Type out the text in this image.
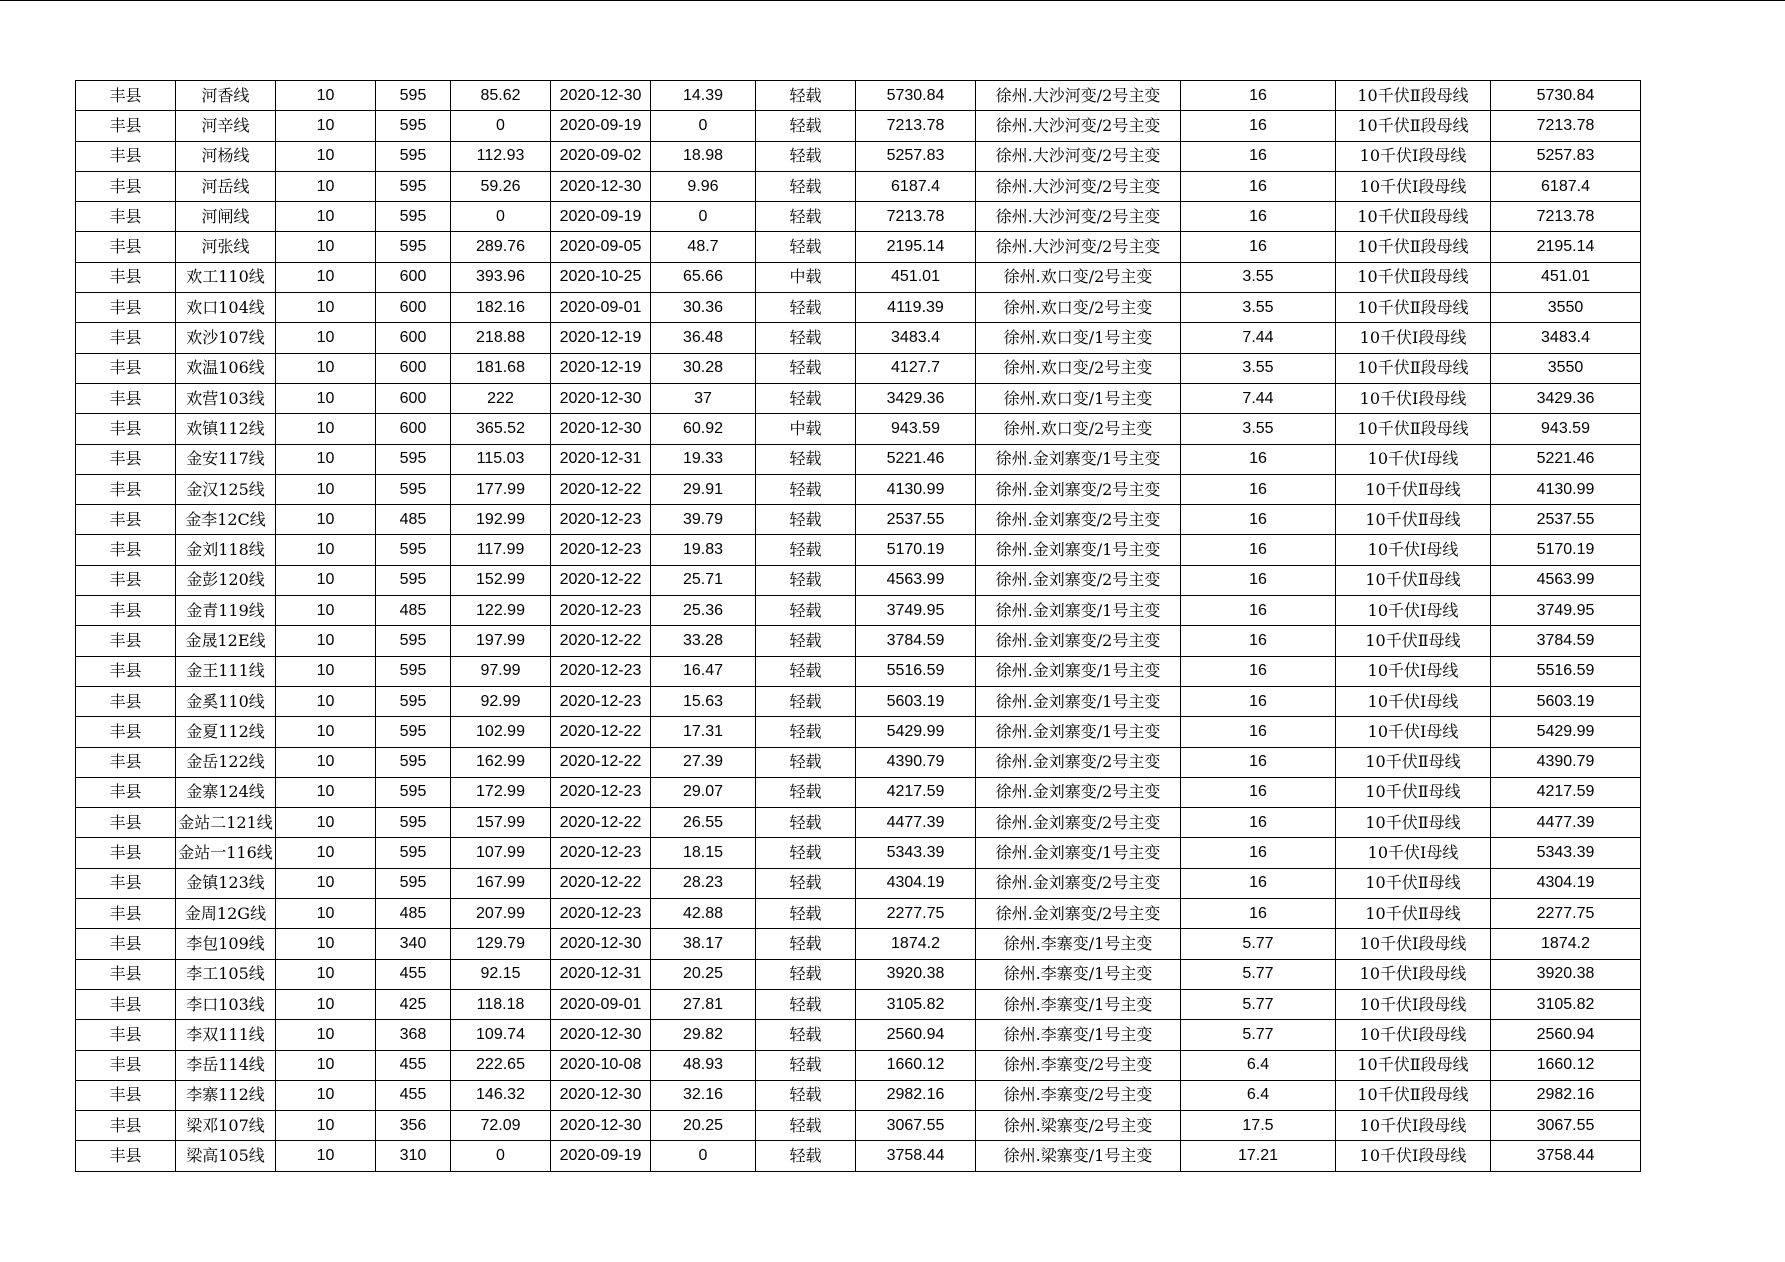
丰县	河香线	10	595	85.62	2020-12-30	14.39	轻载	5730.84	徐州.大沙河变/2号主变	16	10千伏Ⅱ段母线	5730.84
丰县	河辛线	10	595	0	2020-09-19	0	轻载	7213.78	徐州.大沙河变/2号主变	16	10千伏Ⅱ段母线	7213.78
丰县	河杨线	10	595	112.93	2020-09-02	18.98	轻载	5257.83	徐州.大沙河变/2号主变	16	10千伏Ⅰ段母线	5257.83
丰县	河岳线	10	595	59.26	2020-12-30	9.96	轻载	6187.4	徐州.大沙河变/2号主变	16	10千伏Ⅰ段母线	6187.4
丰县	河闸线	10	595	0	2020-09-19	0	轻载	7213.78	徐州.大沙河变/2号主变	16	10千伏Ⅱ段母线	7213.78
丰县	河张线	10	595	289.76	2020-09-05	48.7	轻载	2195.14	徐州.大沙河变/2号主变	16	10千伏Ⅱ段母线	2195.14
丰县	欢工110线	10	600	393.96	2020-10-25	65.66	中载	451.01	徐州.欢口变/2号主变	3.55	10千伏Ⅱ段母线	451.01
丰县	欢口104线	10	600	182.16	2020-09-01	30.36	轻载	4119.39	徐州.欢口变/2号主变	3.55	10千伏Ⅱ段母线	3550
丰县	欢沙107线	10	600	218.88	2020-12-19	36.48	轻载	3483.4	徐州.欢口变/1号主变	7.44	10千伏Ⅰ段母线	3483.4
丰县	欢温106线	10	600	181.68	2020-12-19	30.28	轻载	4127.7	徐州.欢口变/2号主变	3.55	10千伏Ⅱ段母线	3550
丰县	欢营103线	10	600	222	2020-12-30	37	轻载	3429.36	徐州.欢口变/1号主变	7.44	10千伏Ⅰ段母线	3429.36
丰县	欢镇112线	10	600	365.52	2020-12-30	60.92	中载	943.59	徐州.欢口变/2号主变	3.55	10千伏Ⅱ段母线	943.59
丰县	金安117线	10	595	115.03	2020-12-31	19.33	轻载	5221.46	徐州.金刘寨变/1号主变	16	10千伏Ⅰ母线	5221.46
丰县	金汉125线	10	595	177.99	2020-12-22	29.91	轻载	4130.99	徐州.金刘寨变/2号主变	16	10千伏Ⅱ母线	4130.99
丰县	金李12C线	10	485	192.99	2020-12-23	39.79	轻载	2537.55	徐州.金刘寨变/2号主变	16	10千伏Ⅱ母线	2537.55
丰县	金刘118线	10	595	117.99	2020-12-23	19.83	轻载	5170.19	徐州.金刘寨变/1号主变	16	10千伏Ⅰ母线	5170.19
丰县	金彭120线	10	595	152.99	2020-12-22	25.71	轻载	4563.99	徐州.金刘寨变/2号主变	16	10千伏Ⅱ母线	4563.99
丰县	金青119线	10	485	122.99	2020-12-23	25.36	轻载	3749.95	徐州.金刘寨变/1号主变	16	10千伏Ⅰ母线	3749.95
丰县	金晟12E线	10	595	197.99	2020-12-22	33.28	轻载	3784.59	徐州.金刘寨变/2号主变	16	10千伏Ⅱ母线	3784.59
丰县	金王111线	10	595	97.99	2020-12-23	16.47	轻载	5516.59	徐州.金刘寨变/1号主变	16	10千伏Ⅰ母线	5516.59
丰县	金奚110线	10	595	92.99	2020-12-23	15.63	轻载	5603.19	徐州.金刘寨变/1号主变	16	10千伏Ⅰ母线	5603.19
丰县	金夏112线	10	595	102.99	2020-12-22	17.31	轻载	5429.99	徐州.金刘寨变/1号主变	16	10千伏Ⅰ母线	5429.99
丰县	金岳122线	10	595	162.99	2020-12-22	27.39	轻载	4390.79	徐州.金刘寨变/2号主变	16	10千伏Ⅱ母线	4390.79
丰县	金寨124线	10	595	172.99	2020-12-23	29.07	轻载	4217.59	徐州.金刘寨变/2号主变	16	10千伏Ⅱ母线	4217.59
丰县	金站二121线	10	595	157.99	2020-12-22	26.55	轻载	4477.39	徐州.金刘寨变/2号主变	16	10千伏Ⅱ母线	4477.39
丰县	金站一116线	10	595	107.99	2020-12-23	18.15	轻载	5343.39	徐州.金刘寨变/1号主变	16	10千伏Ⅰ母线	5343.39
丰县	金镇123线	10	595	167.99	2020-12-22	28.23	轻载	4304.19	徐州.金刘寨变/2号主变	16	10千伏Ⅱ母线	4304.19
丰县	金周12G线	10	485	207.99	2020-12-23	42.88	轻载	2277.75	徐州.金刘寨变/2号主变	16	10千伏Ⅱ母线	2277.75
丰县	李包109线	10	340	129.79	2020-12-30	38.17	轻载	1874.2	徐州.李寨变/1号主变	5.77	10千伏Ⅰ段母线	1874.2
丰县	李工105线	10	455	92.15	2020-12-31	20.25	轻载	3920.38	徐州.李寨变/1号主变	5.77	10千伏Ⅰ段母线	3920.38
丰县	李口103线	10	425	118.18	2020-09-01	27.81	轻载	3105.82	徐州.李寨变/1号主变	5.77	10千伏Ⅰ段母线	3105.82
丰县	李双111线	10	368	109.74	2020-12-30	29.82	轻载	2560.94	徐州.李寨变/1号主变	5.77	10千伏Ⅰ段母线	2560.94
丰县	李岳114线	10	455	222.65	2020-10-08	48.93	轻载	1660.12	徐州.李寨变/2号主变	6.4	10千伏Ⅱ段母线	1660.12
丰县	李寨112线	10	455	146.32	2020-12-30	32.16	轻载	2982.16	徐州.李寨变/2号主变	6.4	10千伏Ⅱ段母线	2982.16
丰县	梁邓107线	10	356	72.09	2020-12-30	20.25	轻载	3067.55	徐州.梁寨变/2号主变	17.5	10千伏Ⅰ段母线	3067.55
丰县	梁高105线	10	310	0	2020-09-19	0	轻载	3758.44	徐州.梁寨变/1号主变	17.21	10千伏Ⅰ段母线	3758.44
